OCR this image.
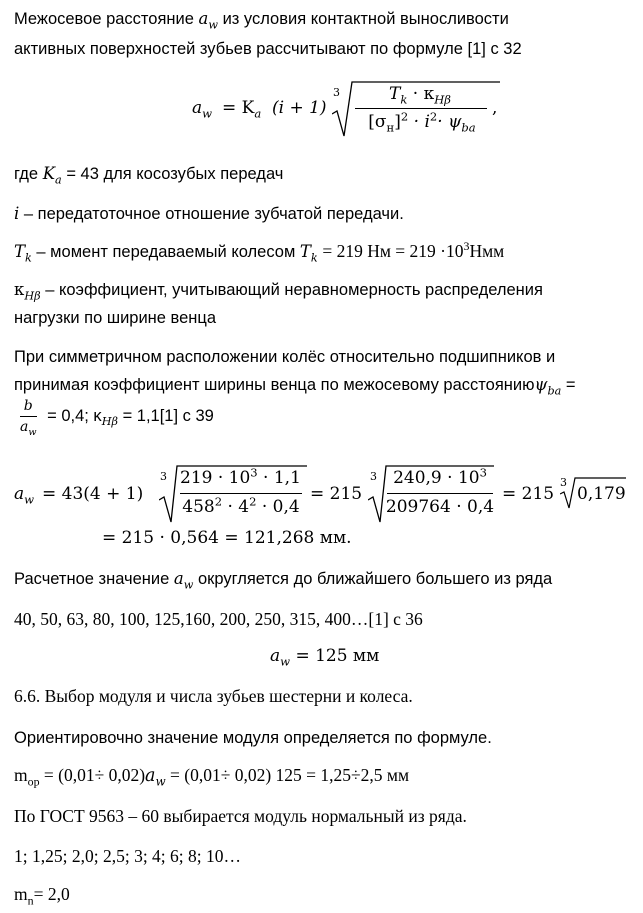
Межосевое расстояние $a_w$ из условия контактной выносливости
активных поверхностей зубьев рассчитывают по формуле [1] с 32
$a_w = K_a$ (i + 1)
3	$T_k \cdot \kappa_{H\beta}$
$[\sigma_н]^2 \cdot i^2\cdot \psi_{ba}$
,
где $K_a = 43$ для косозубых передач
i – передатоточное отношение зубчатой передачи.
$T_k$ – момент передаваемый колесом $T_k = 219$ Нм = $219 \cdot 10^3Нмм$
$\kappa_{H\beta}$ – коэффициент, учитывающий неравномерность распределения
нагрузки по ширине венца
При симметричном расположении колёс относительно подшипников и
принимая коэффициент ширины венца по межосевому расстояниюψ$_{ba}$ =
$\frac{b}{a_w} = 0,4$; $\kappa_{H\beta} = 1,1[1]$ с 39
$a_w = 43(4 + 1)$
3 $219 \cdot 10^3 \cdot 1,1$
$458^2 \cdot 4^2 \cdot 0,4$
= 215
3 $240,9 \cdot 10^3$
209764 · 0,4
= 215
3
0,179
= 215 · 0,564 = 121,268 мм.
Расчетное значение $a_w$ округляется до ближайшего большего из ряда
40, 50, 63, 80, 100, 125,160, 200, 250, 315, 400…[1] с 36
$a_w = 125$ мм
6.6. Выбор модуля и числа зубьев шестерни и колеса.
Ориентировочно значение модуля определяется по формуле.
$m_{op} = (0,01\div 0,02)a_w = (0,01\div 0,02) 125 = 1,25\div 2,5$ мм
По ГОСТ 9563 – 60 выбирается модуль нормальный из ряда.
1; 1,25; 2,0; 2,5; 3; 4; 6; 8; 10…
$m_n= 2,0$
